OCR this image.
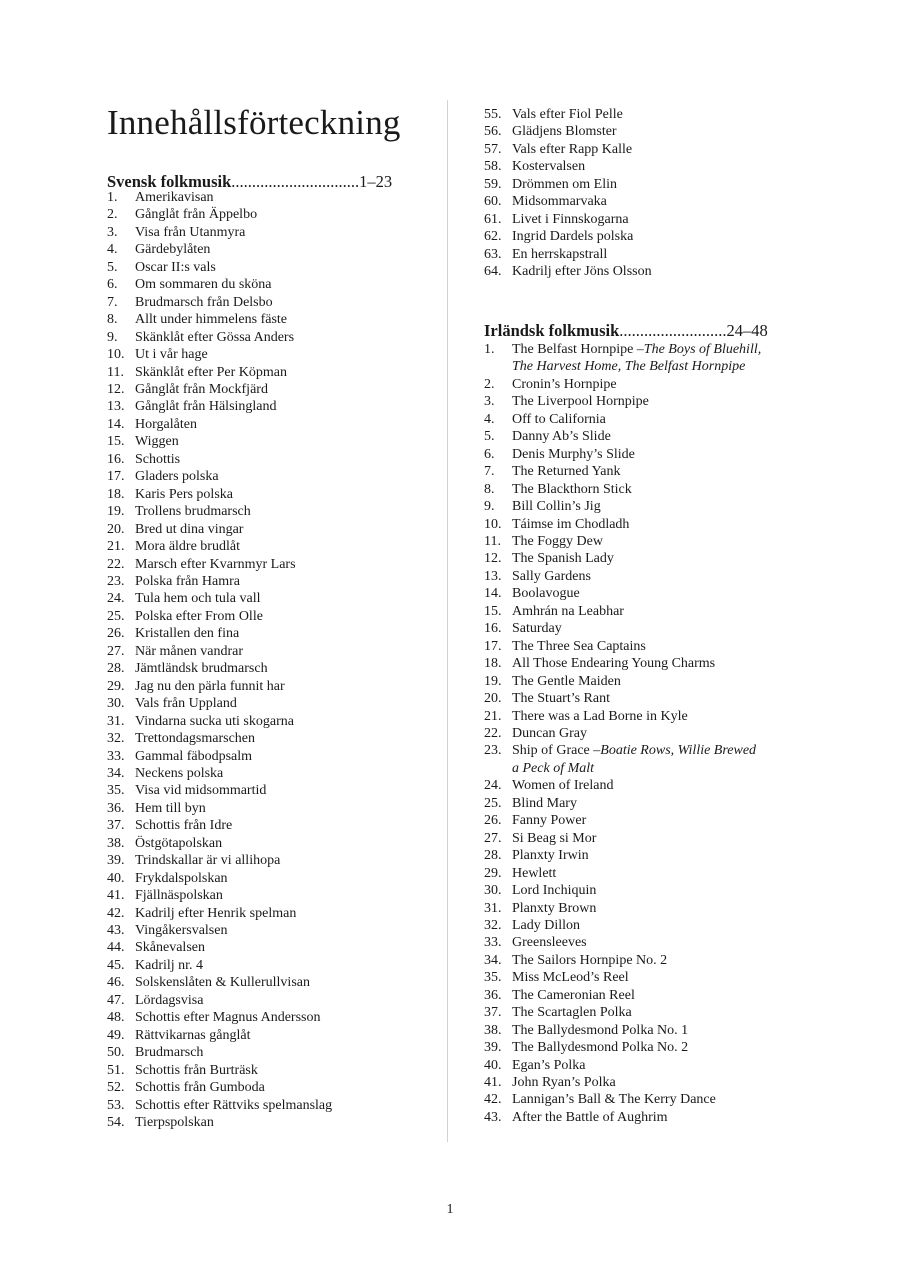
Innehållsförteckning
Svensk folkmusik...............................1–23
1. Amerikavisan
2. Gånglåt från Äppelbo
3. Visa från Utanmyra
4. Gärdebylåten
5. Oscar II:s vals
6. Om sommaren du sköna
7. Brudmarsch från Delsbo
8. Allt under himmelens fäste
9. Skänklåt efter Gössa Anders
10. Ut i vår hage
11. Skänklåt efter Per Köpman
12. Gånglåt från Mockfjärd
13. Gånglåt från Hälsingland
14. Horgalåten
15. Wiggen
16. Schottis
17. Gladers polska
18. Karis Pers polska
19. Trollens brudmarsch
20. Bred ut dina vingar
21. Mora äldre brudlåt
22. Marsch efter Kvarnmyr Lars
23. Polska från Hamra
24. Tula hem och tula vall
25. Polska efter From Olle
26. Kristallen den fina
27. När månen vandrar
28. Jämtländsk brudmarsch
29. Jag nu den pärla funnit har
30. Vals från Uppland
31. Vindarna sucka uti skogarna
32. Trettondagsmarschen
33. Gammal fäbodpsalm
34. Neckens polska
35. Visa vid midsommartid
36. Hem till byn
37. Schottis från Idre
38. Östgötapolskan
39. Trindskallar är vi allihopa
40. Frykdalspolskan
41. Fjällnäspolskan
42. Kadrilj efter Henrik spelman
43. Vingåkersvalsen
44. Skånevalsen
45. Kadrilj nr. 4
46. Solskenslåten & Kullerullvisan
47. Lördagsvisa
48. Schottis efter Magnus Andersson
49. Rättvikarnas gånglåt
50. Brudmarsch
51. Schottis från Burträsk
52. Schottis från Gumboda
53. Schottis efter Rättviks spelmanslag
54. Tierpspolskan
55. Vals efter Fiol Pelle
56. Glädjens Blomster
57. Vals efter Rapp Kalle
58. Kostervalsen
59. Drömmen om Elin
60. Midsommarvaka
61. Livet i Finnskogarna
62. Ingrid Dardels polska
63. En herrskapstrall
64. Kadrilj efter Jöns Olsson
Irländsk folkmusik..........................24–48
1. The Belfast Hornpipe –The Boys of Bluehill,
The Harvest Home, The Belfast Hornpipe
2. Cronin’s Hornpipe
3. The Liverpool Hornpipe
4. Off to California
5. Danny Ab’s Slide
6. Denis Murphy’s Slide
7. The Returned Yank
8. The Blackthorn Stick
9. Bill Collin’s Jig
10. Táimse im Chodladh
11. The Foggy Dew
12. The Spanish Lady
13. Sally Gardens
14. Boolavogue
15. Amhrán na Leabhar
16. Saturday
17. The Three Sea Captains
18. All Those Endearing Young Charms
19. The Gentle Maiden
20. The Stuart’s Rant
21. There was a Lad Borne in Kyle
22. Duncan Gray
23. Ship of Grace –Boatie Rows, Willie Brewed
a Peck of Malt
24. Women of Ireland
25. Blind Mary
26. Fanny Power
27. Si Beag si Mor
28. Planxty Irwin
29. Hewlett
30. Lord Inchiquin
31. Planxty Brown
32. Lady Dillon
33. Greensleeves
34. The Sailors Hornpipe No. 2
35. Miss McLeod’s Reel
36. The Cameronian Reel
37. The Scartaglen Polka
38. The Ballydesmond Polka No. 1
39. The Ballydesmond Polka No. 2
40. Egan’s Polka
41. John Ryan’s Polka
42. Lannigan’s Ball & The Kerry Dance
43. After the Battle of Aughrim
1
